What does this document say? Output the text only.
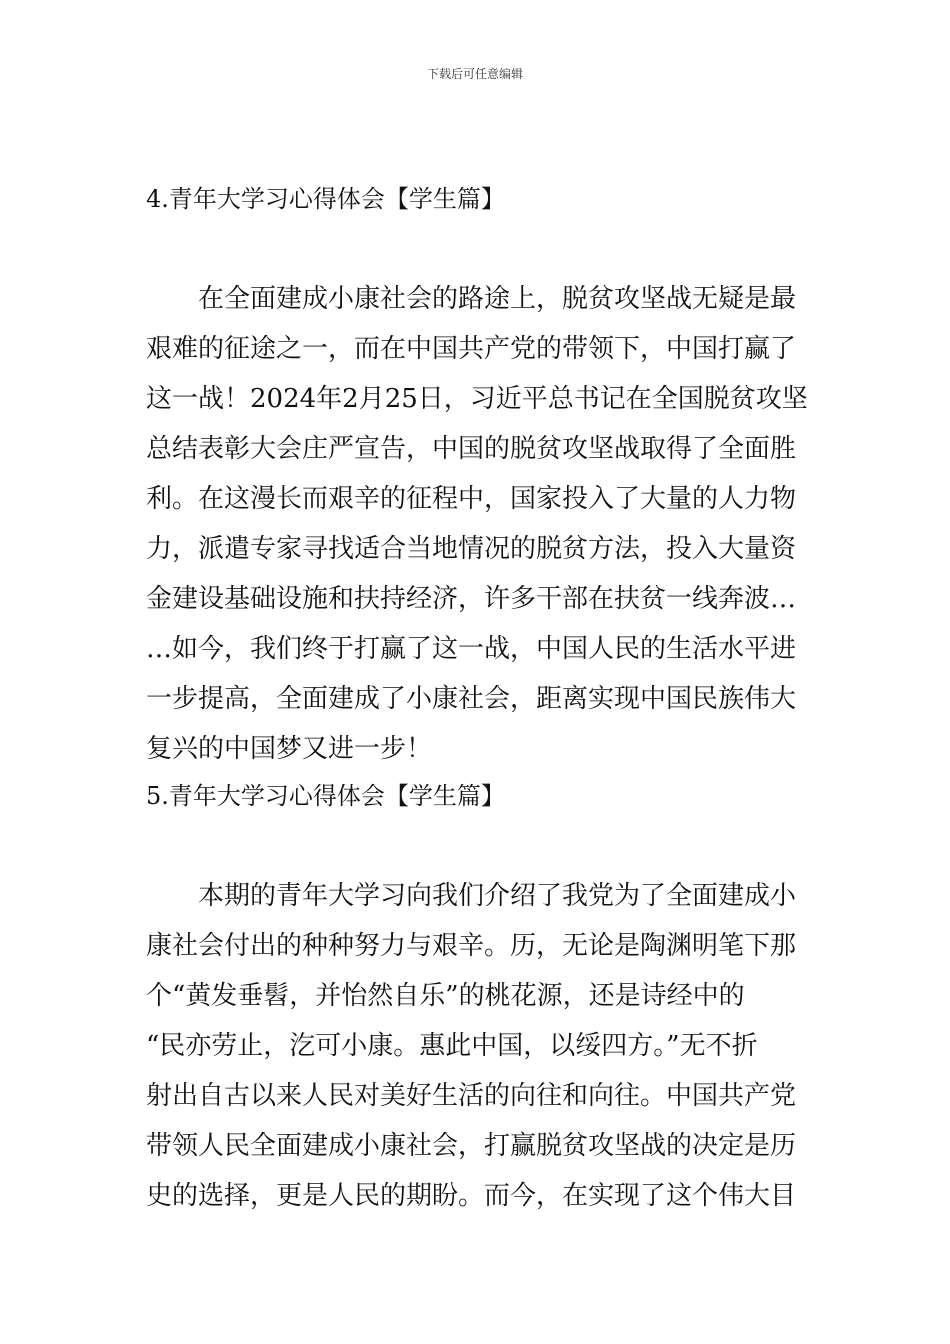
下载后可任意编辑
4.青年大学习心得体会【学生篇】
　　在全面建成小康社会的路途上，脱贫攻坚战无疑是最
艰难的征途之一，而在中国共产党的带领下，中国打赢了
这一战！2024年2月25日，习近平总书记在全国脱贫攻坚
总结表彰大会庄严宣告，中国的脱贫攻坚战取得了全面胜
利。在这漫长而艰辛的征程中，国家投入了大量的人力物
力，派遣专家寻找适合当地情况的脱贫方法，投入大量资
金建设基础设施和扶持经济，许多干部在扶贫一线奔波…
…如今，我们终于打赢了这一战，中国人民的生活水平进
一步提高，全面建成了小康社会，距离实现中国民族伟大
复兴的中国梦又进一步！
5.青年大学习心得体会【学生篇】
　　本期的青年大学习向我们介绍了我党为了全面建成小
康社会付出的种种努力与艰辛。历，无论是陶渊明笔下那
个“黄发垂髫，并怡然自乐”的桃花源，还是诗经中的
“民亦劳止，汔可小康。惠此中国，以绥四方。”无不折
射出自古以来人民对美好生活的向往和向往。中国共产党
带领人民全面建成小康社会，打赢脱贫攻坚战的决定是历
史的选择，更是人民的期盼。而今，在实现了这个伟大目
